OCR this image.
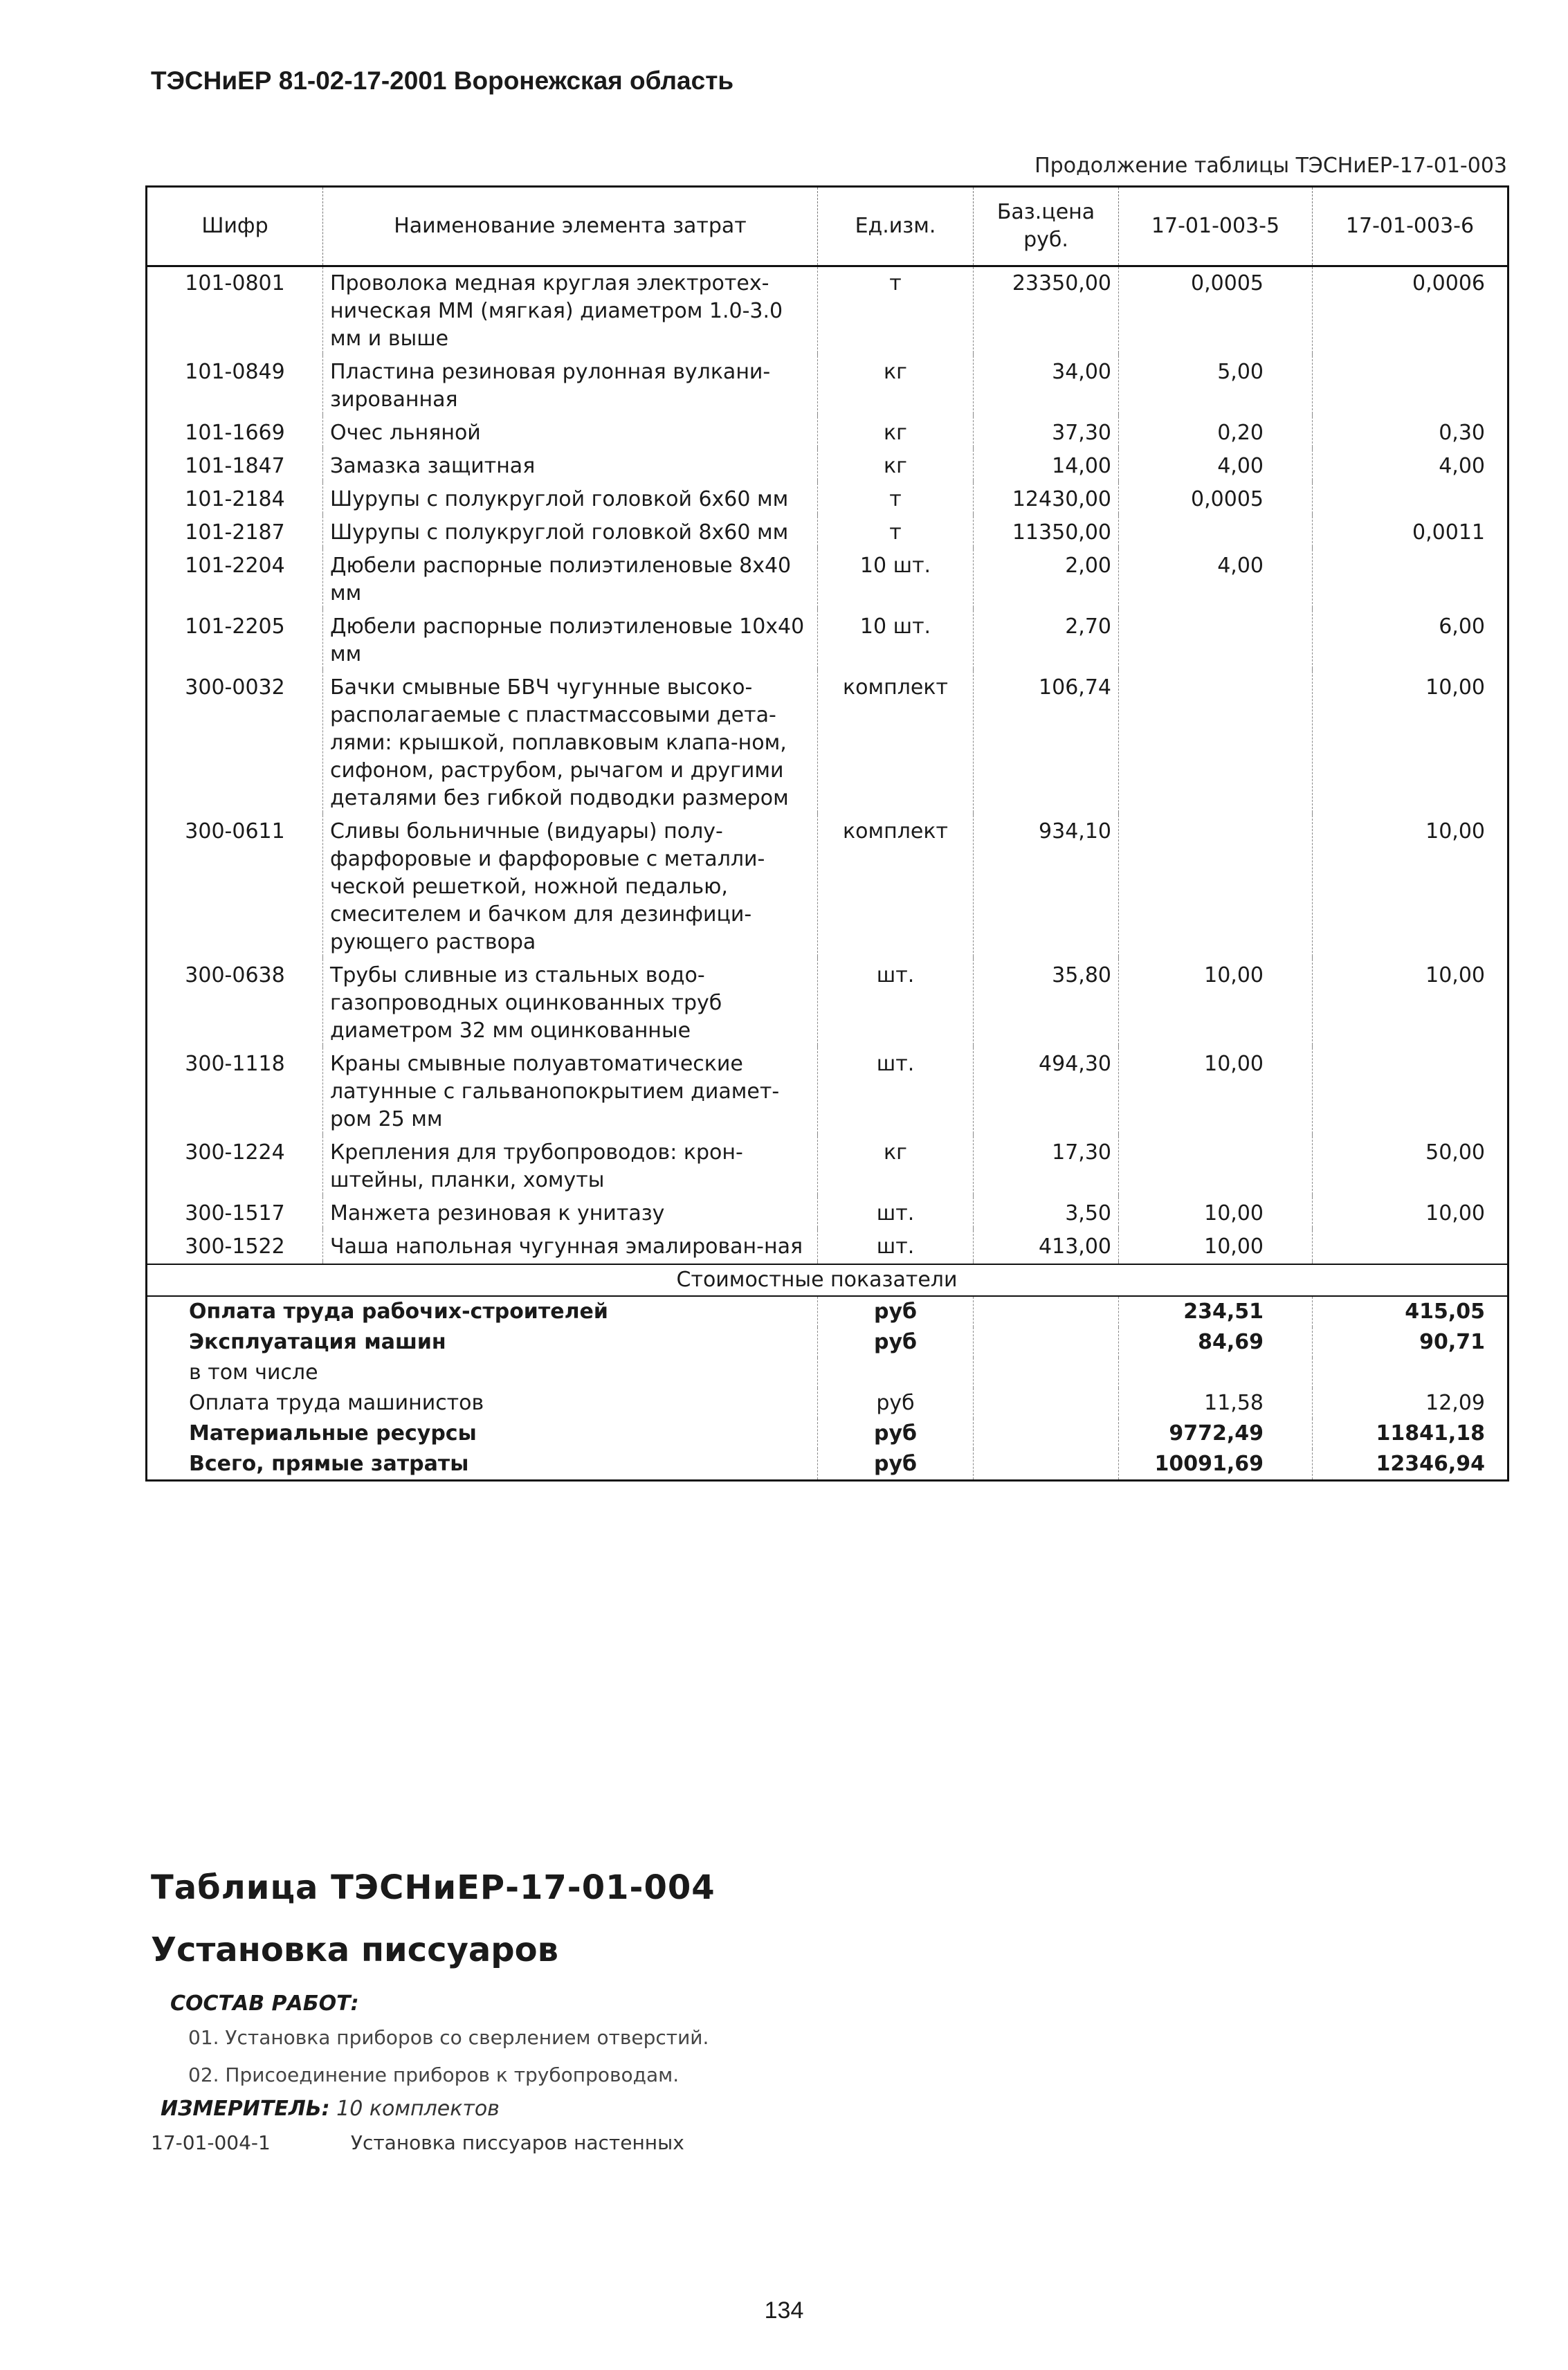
ТЭСНиЕР 81-02-17-2001 Воронежская область
Продолжение таблицы ТЭСНиЕР-17-01-003
Шифр	Наименование элемента затрат	Ед.изм.	Баз.цена руб.	17-01-003-5	17-01-003-6
101-0801	Проволока медная круглая электротех-ническая ММ (мягкая) диаметром 1.0-3.0 мм и выше	т	23350,00	0,0005	0,0006

101-0849	Пластина резиновая рулонная вулкани-зированная	кг	34,00	5,00	

101-1669	Очес льняной	кг	37,30	0,20	0,30

101-1847	Замазка защитная	кг	14,00	4,00	4,00

101-2184	Шурупы с полукруглой головкой 6х60 мм	т	12430,00	0,0005	

101-2187	Шурупы с полукруглой головкой 8х60 мм	т	11350,00		0,0011

101-2204	Дюбели распорные полиэтиленовые 8х40 мм	10 шт.	2,00	4,00	

101-2205	Дюбели распорные полиэтиленовые 10х40 мм	10 шт.	2,70		6,00

300-0032	Бачки смывные БВЧ чугунные высоко-располагаемые с пластмассовыми дета-лями: крышкой, поплавковым клапа-ном, сифоном, раструбом, рычагом и другими деталями без гибкой подводки размером	комплект	106,74		10,00

300-0611	Сливы больничные (видуары) полу-фарфоровые и фарфоровые с металли-ческой решеткой, ножной педалью, смесителем и бачком для дезинфици-рующего раствора	комплект	934,10		10,00

300-0638	Трубы сливные из стальных водо-газопроводных оцинкованных труб диаметром 32 мм оцинкованные	шт.	35,80	10,00	10,00

300-1118	Краны смывные полуавтоматические латунные с гальванопокрытием диамет-ром 25 мм	шт.	494,30	10,00	

300-1224	Крепления для трубопроводов: крон-штейны, планки, хомуты	кг	17,30		50,00

300-1517	Манжета резиновая к унитазу	шт.	3,50	10,00	10,00

300-1522	Чаша напольная чугунная эмалирован-ная	шт.	413,00	10,00	

Стоимостные показатели					
Оплата труда рабочих-строителей		руб		234,51	415,05
Эксплуатация машин		руб		84,69	90,71
в том числе					
Оплата труда машинистов		руб		11,58	12,09
Материальные ресурсы		руб		9772,49	11841,18
Всего, прямые затраты		руб		10091,69	12346,94
Таблица ТЭСНиЕР-17-01-004
Установка писсуаров
СОСТАВ РАБОТ:
01. Установка приборов со сверлением отверстий.
02. Присоединение приборов к трубопроводам.
ИЗМЕРИТЕЛЬ: 10 комплектов
17-01-004-1	Установка писсуаров настенных
134
